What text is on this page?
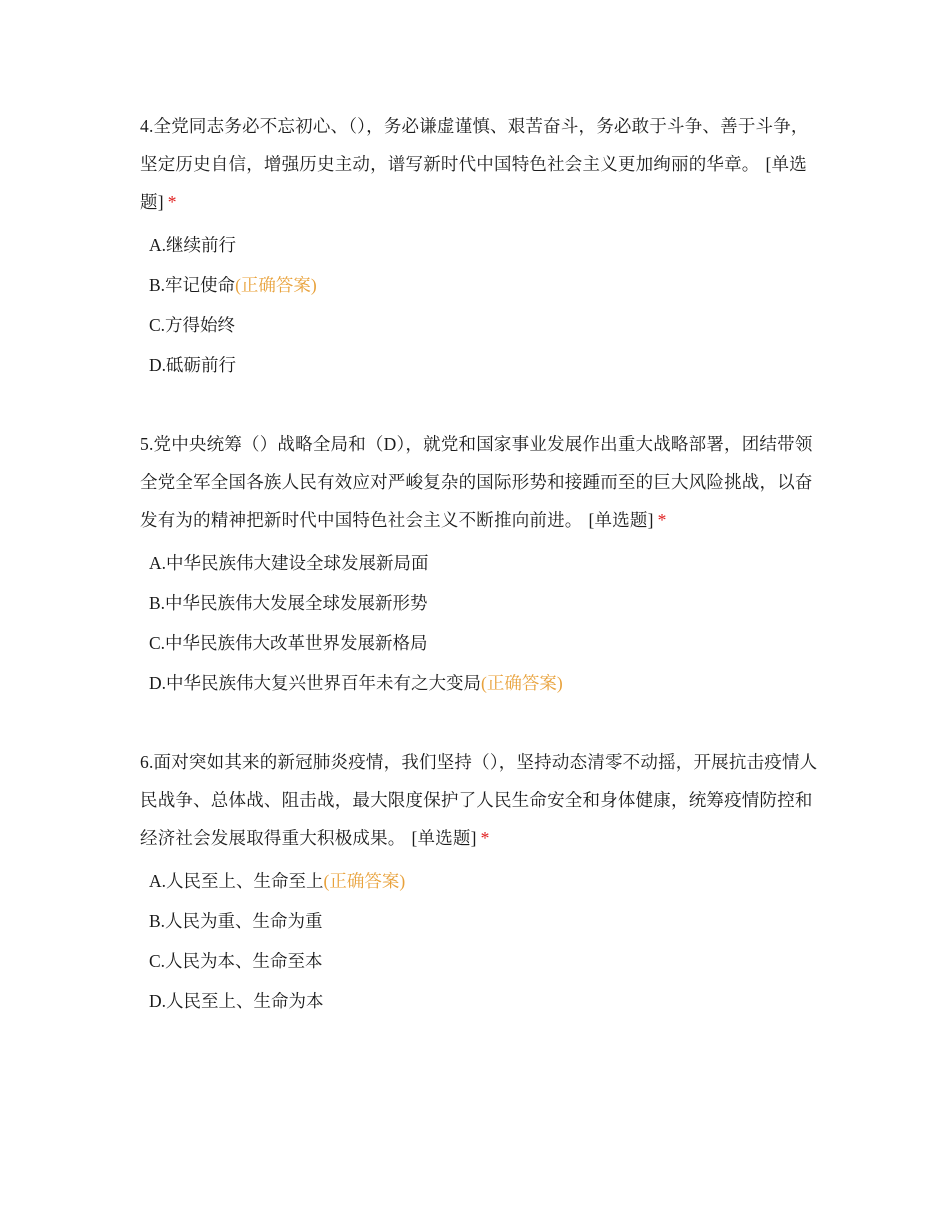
4.全党同志务必不忘初心、（），务必谦虚谨慎、艰苦奋斗，务必敢于斗争、善于斗争，坚定历史自信，增强历史主动，谱写新时代中国特色社会主义更加绚丽的华章。 [单选题] *

A.继续前行
B.牢记使命(正确答案)
C.方得始终
D.砥砺前行

5.党中央统筹（）战略全局和（D），就党和国家事业发展作出重大战略部署，团结带领全党全军全国各族人民有效应对严峻复杂的国际形势和接踵而至的巨大风险挑战，以奋发有为的精神把新时代中国特色社会主义不断推向前进。 [单选题] *

A.中华民族伟大建设全球发展新局面
B.中华民族伟大发展全球发展新形势
C.中华民族伟大改革世界发展新格局
D.中华民族伟大复兴世界百年未有之大变局(正确答案)

6.面对突如其来的新冠肺炎疫情，我们坚持（），坚持动态清零不动摇，开展抗击疫情人民战争、总体战、阻击战，最大限度保护了人民生命安全和身体健康，统筹疫情防控和经济社会发展取得重大积极成果。 [单选题] *

A.人民至上、生命至上(正确答案)
B.人民为重、生命为重
C.人民为本、生命至本
D.人民至上、生命为本
